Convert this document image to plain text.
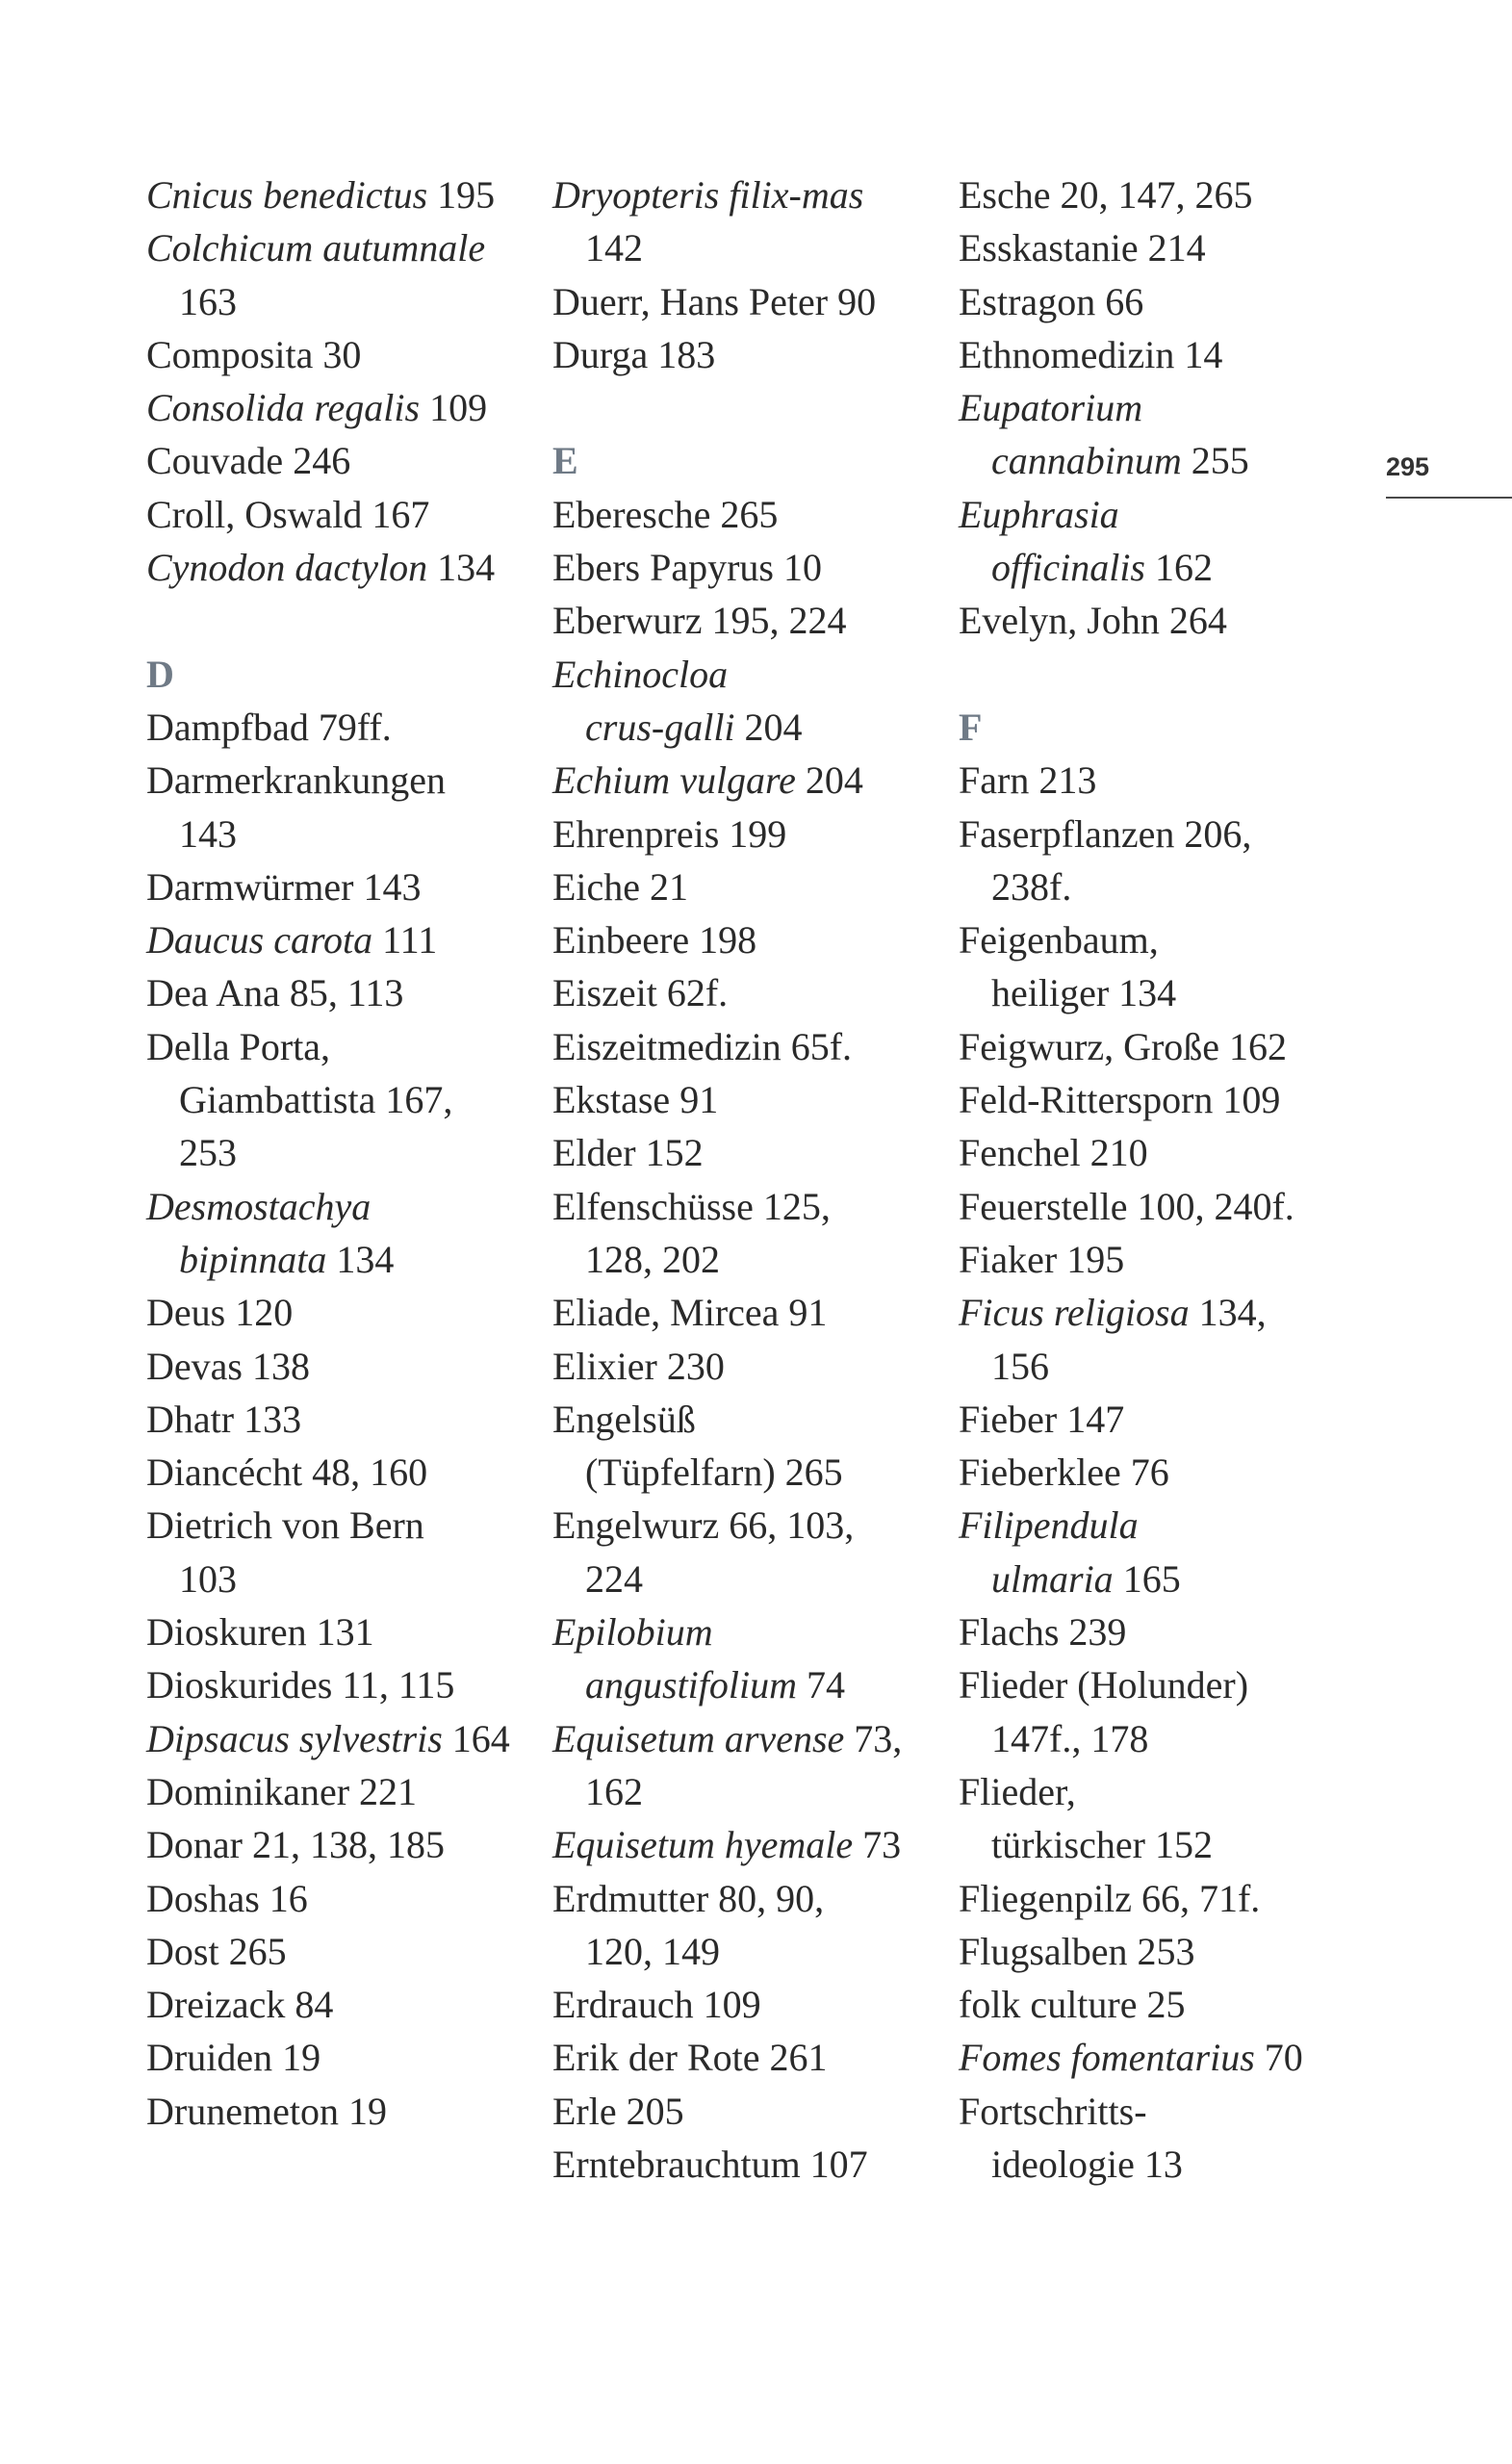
295
Cnicus benedictus 195
Colchicum autumnale
163
Composita 30
Consolida regalis 109
Couvade 246
Croll, Oswald 167
Cynodon dactylon 134
D
Dampfbad 79ff.
Darmerkrankungen
143
Darmwürmer 143
Daucus carota 111
Dea Ana 85, 113
Della Porta,
Giambattista 167,
253
Desmostachya
bipinnata 134
Deus 120
Devas 138
Dhatr 133
Diancécht 48, 160
Dietrich von Bern
103
Dioskuren 131
Dioskurides 11, 115
Dipsacus sylvestris 164
Dominikaner 221
Donar 21, 138, 185
Doshas 16
Dost 265
Dreizack 84
Druiden 19
Drunemeton 19
Dryopteris filix-mas
142
Duerr, Hans Peter 90
Durga 183
E
Eberesche 265
Ebers Papyrus 10
Eberwurz 195, 224
Echinocloa
crus-galli 204
Echium vulgare 204
Ehrenpreis 199
Eiche 21
Einbeere 198
Eiszeit 62f.
Eiszeitmedizin 65f.
Ekstase 91
Elder 152
Elfenschüsse 125,
128, 202
Eliade, Mircea 91
Elixier 230
Engelsüß
(Tüpfelfarn) 265
Engelwurz 66, 103,
224
Epilobium
angustifolium 74
Equisetum arvense 73,
162
Equisetum hyemale 73
Erdmutter 80, 90,
120, 149
Erdrauch 109
Erik der Rote 261
Erle 205
Erntebrauchtum 107
Esche 20, 147, 265
Esskastanie 214
Estragon 66
Ethnomedizin 14
Eupatorium
cannabinum 255
Euphrasia
officinalis 162
Evelyn, John 264
F
Farn 213
Faserpflanzen 206,
238f.
Feigenbaum,
heiliger 134
Feigwurz, Große 162
Feld-Rittersporn 109
Fenchel 210
Feuerstelle 100, 240f.
Fiaker 195
Ficus religiosa 134,
156
Fieber 147
Fieberklee 76
Filipendula
ulmaria 165
Flachs 239
Flieder (Holunder)
147f., 178
Flieder,
türkischer 152
Fliegenpilz 66, 71f.
Flugsalben 253
folk culture 25
Fomes fomentarius 70
Fortschritts-
ideologie 13
